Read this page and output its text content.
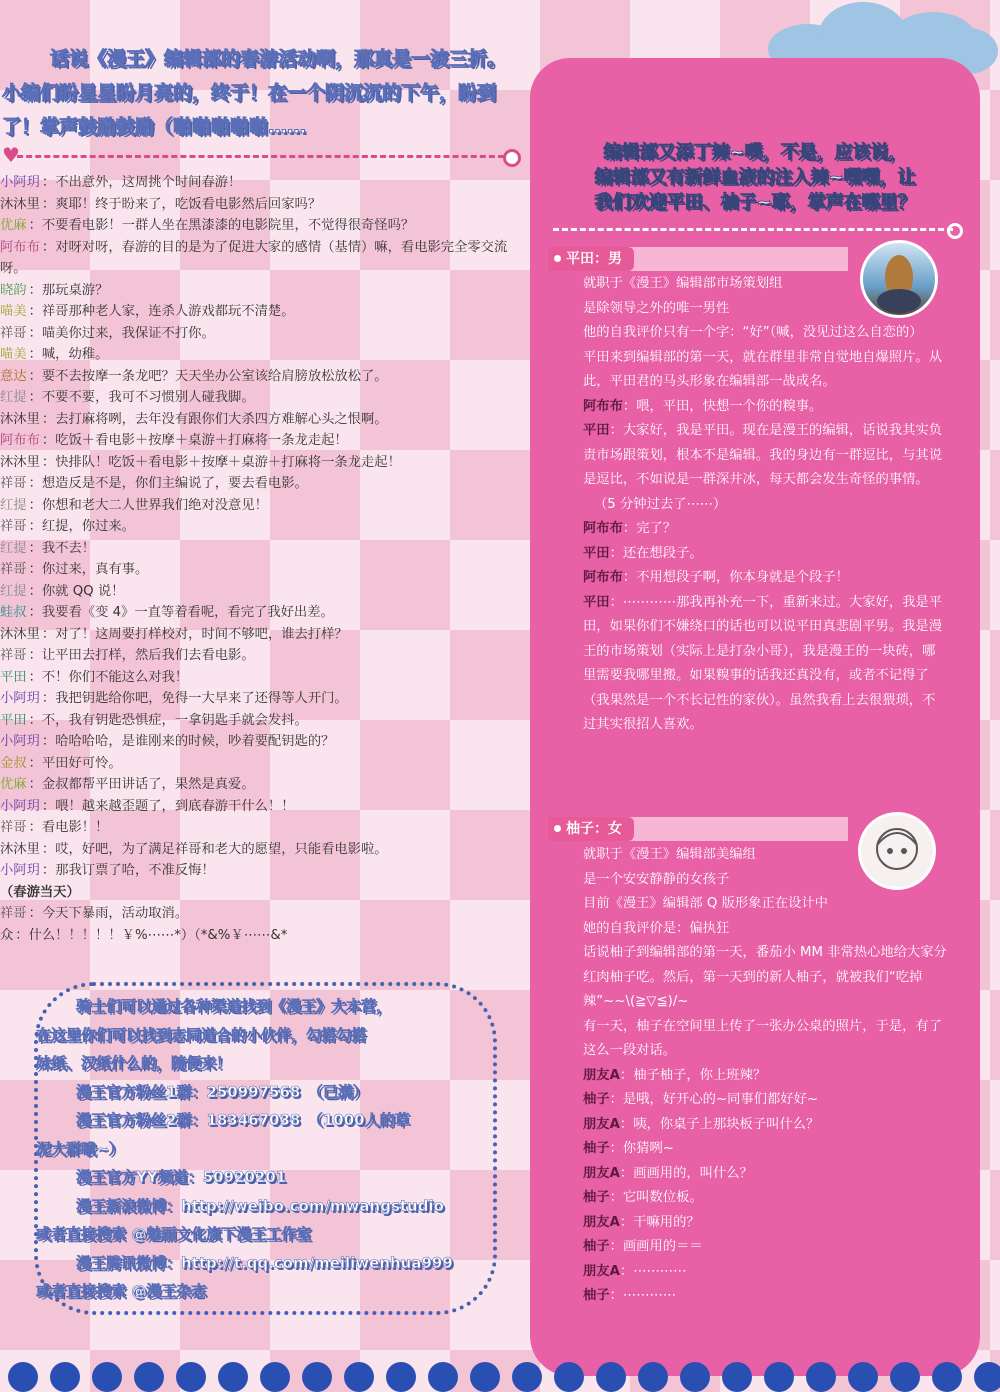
话说《漫王》编辑部的春游活动啊，那真是一波三折。小编们盼星星盼月亮的，终于！在一个阴沉沉的下午，盼到了！掌声鼓励鼓励（啪啪啪啪啪……

♥
小阿玥 ：不出意外，这周挑个时间春游！
沐沐里 ：爽耶！终于盼来了，吃饭看电影然后回家吗？
优麻 ：不要看电影！一群人坐在黑漆漆的电影院里，不觉得很奇怪吗？
阿布布 ：对呀对呀，春游的目的是为了促进大家的感情（基情）嘛，看电影完全零交流呀。
晓韵 ：那玩桌游？
喵美 ：祥哥那种老人家，连杀人游戏都玩不清楚。
祥哥 ：喵美你过来，我保证不打你。
喵美 ：喊，幼稚。
意达 ：要不去按摩一条龙吧？天天坐办公室该给肩膀放松放松了。
红提 ：不要不要，我可不习惯别人碰我脚。
沐沐里 ：去打麻将咧，去年没有跟你们大杀四方难解心头之恨啊。
阿布布 ：吃饭＋看电影＋按摩＋桌游＋打麻将一条龙走起！
沐沐里 ：快排队！吃饭＋看电影＋按摩＋桌游＋打麻将一条龙走起！
祥哥 ：想造反是不是，你们主编说了，要去看电影。
红提 ：你想和老大二人世界我们绝对没意见！
祥哥 ：红提，你过来。
红提 ：我不去！
祥哥 ：你过来，真有事。
红提 ：你就 QQ 说！
蛙叔 ：我要看《变 4》一直等着看呢，看完了我好出差。
沐沐里 ：对了！这周要打样校对，时间不够吧，谁去打样？
祥哥 ：让平田去打样，然后我们去看电影。
平田 ：不！你们不能这么对我！
小阿玥 ：我把钥匙给你吧，免得一大早来了还得等人开门。
平田 ：不，我有钥匙恐惧症，一拿钥匙手就会发抖。
小阿玥 ：哈哈哈哈，是谁刚来的时候，吵着要配钥匙的？
金叔 ：平田好可怜。
优麻 ：金叔都帮平田讲话了，果然是真爱。
小阿玥 ：喂！越来越歪题了，到底春游干什么！！
祥哥 ：看电影！！
沐沐里 ：哎，好吧，为了满足祥哥和老大的愿望，只能看电影啦。
小阿玥 ：那我订票了哈，不准反悔！
（春游当天）
祥哥 ：今天下暴雨，活动取消。
众 ：什么！！！！！￥%⋯⋯*）（*&%￥⋯⋯&*
骑士们可以通过各种渠道找到《漫王》大本营，
在这里你们可以找到志同道合的小伙伴，勾搭勾搭
妹纸、汉纸什么的，随便来！
漫王官方粉丝1群：250997568　（已满）
漫王官方粉丝2群：183467038　（1000人的草
泥大群哦~）
漫王官方YY频道：50920201
漫王新浪微博：http://weibo.com/mwangstudio
或者直接搜索 @魅丽文化旗下漫王工作室
漫王腾讯微博：http://t.qq.com/meiliwenhua999
或者直接搜索 @漫王杂志
编辑部又添丁辣~噗，不是，应该说，
编辑部又有新鲜血液的注入辣~嘿嘿，让
我们欢迎平田、柚子~耶，掌声在哪里？
平田：男
就职于《漫王》编辑部市场策划组
是除领导之外的唯一男性
他的自我评价只有一个字：“好”（喊，没见过这么自恋的）
平田来到编辑部的第一天，就在群里非常自觉地自爆照片。从此，平田君的马头形象在编辑部一战成名。
阿布布：喂，平田，快想一个你的糗事。
平田：大家好，我是平田。现在是漫王的编辑，话说我其实负责市场跟策划，根本不是编辑。我的身边有一群逗比，与其说是逗比，不如说是一群深井冰，每天都会发生奇怪的事情。
（5 分钟过去了⋯⋯）
阿布布：完了？
平田：还在想段子。
阿布布：不用想段子啊，你本身就是个段子！
平田：⋯⋯⋯⋯那我再补充一下，重新来过。大家好，我是平田，如果你们不嫌绕口的话也可以说平田真悲剧平男。我是漫王的市场策划（实际上是打杂小哥），我是漫王的一块砖，哪里需要我哪里搬。如果糗事的话我还真没有，或者不记得了（我果然是一个不长记性的家伙）。虽然我看上去很猥琐，不过其实很招人喜欢。
柚子：女
就职于《漫王》编辑部美编组
是一个安安静静的女孩子
目前《漫王》编辑部 Q 版形象正在设计中
她的自我评价是：偏执狂
话说柚子到编辑部的第一天，番茄小 MM 非常热心地给大家分红肉柚子吃。然后，第一天到的新人柚子，就被我们“吃掉辣”~~\(≧▽≦)/~
有一天，柚子在空间里上传了一张办公桌的照片，于是，有了这么一段对话。
朋友A：柚子柚子，你上班辣？
柚子：是哦，好开心的~同事们都好好~
朋友A：咦，你桌子上那块板子叫什么？
柚子：你猜咧~
朋友A：画画用的，叫什么？
柚子：它叫数位板。
朋友A：干嘛用的？
柚子：画画用的＝＝
朋友A：⋯⋯⋯⋯
柚子：⋯⋯⋯⋯
